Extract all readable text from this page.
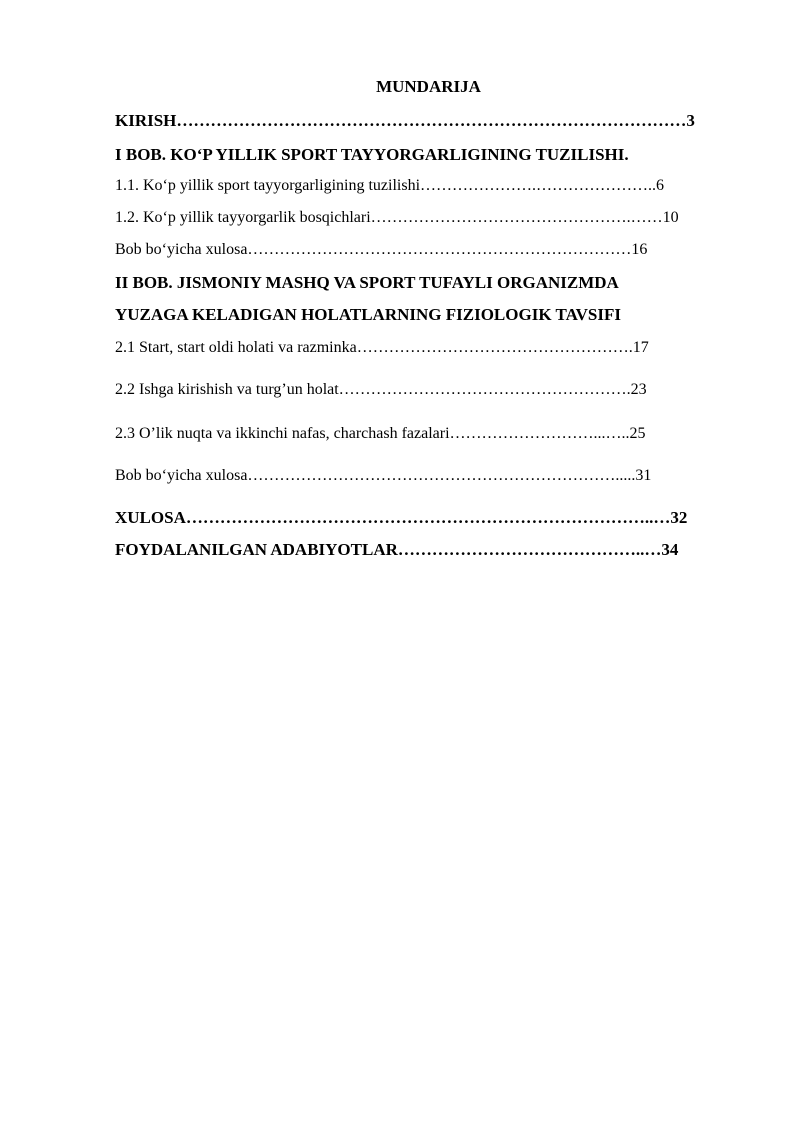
MUNDARIJA
KIRISH………………………………………………………………………………3
I BOB. KO‘P YILLIK SPORT TAYYORGARLIGINING TUZILISHI.
1.1. Ko‘p yillik sport tayyorgarligining tuzilishi………………….…………………..6
1.2. Ko‘p yillik tayyorgarlik bosqichlari………………………………………….……10
Bob bo‘yicha xulosa………………………………………………………………16
II BOB. JISMONIY MASHQ VA SPORT TUFAYLI ORGANIZMDA
YUZAGA KELADIGAN HOLATLARNING FIZIOLOGIK TAVSIFI
2.1 Start, start oldi holati va razminka…………………………………………….17
2.2 Ishga kirishish va turg’un holat……………………………………………….23
2.3 O’lik nuqta va ikkinchi nafas, charchash fazalari………………………...…..25
Bob bo‘yicha xulosa…………………………………………………………….....31
XULOSA………………………………………………………………………..…32
FOYDALANILGAN ADABIYOTLAR……………………………………..…34
